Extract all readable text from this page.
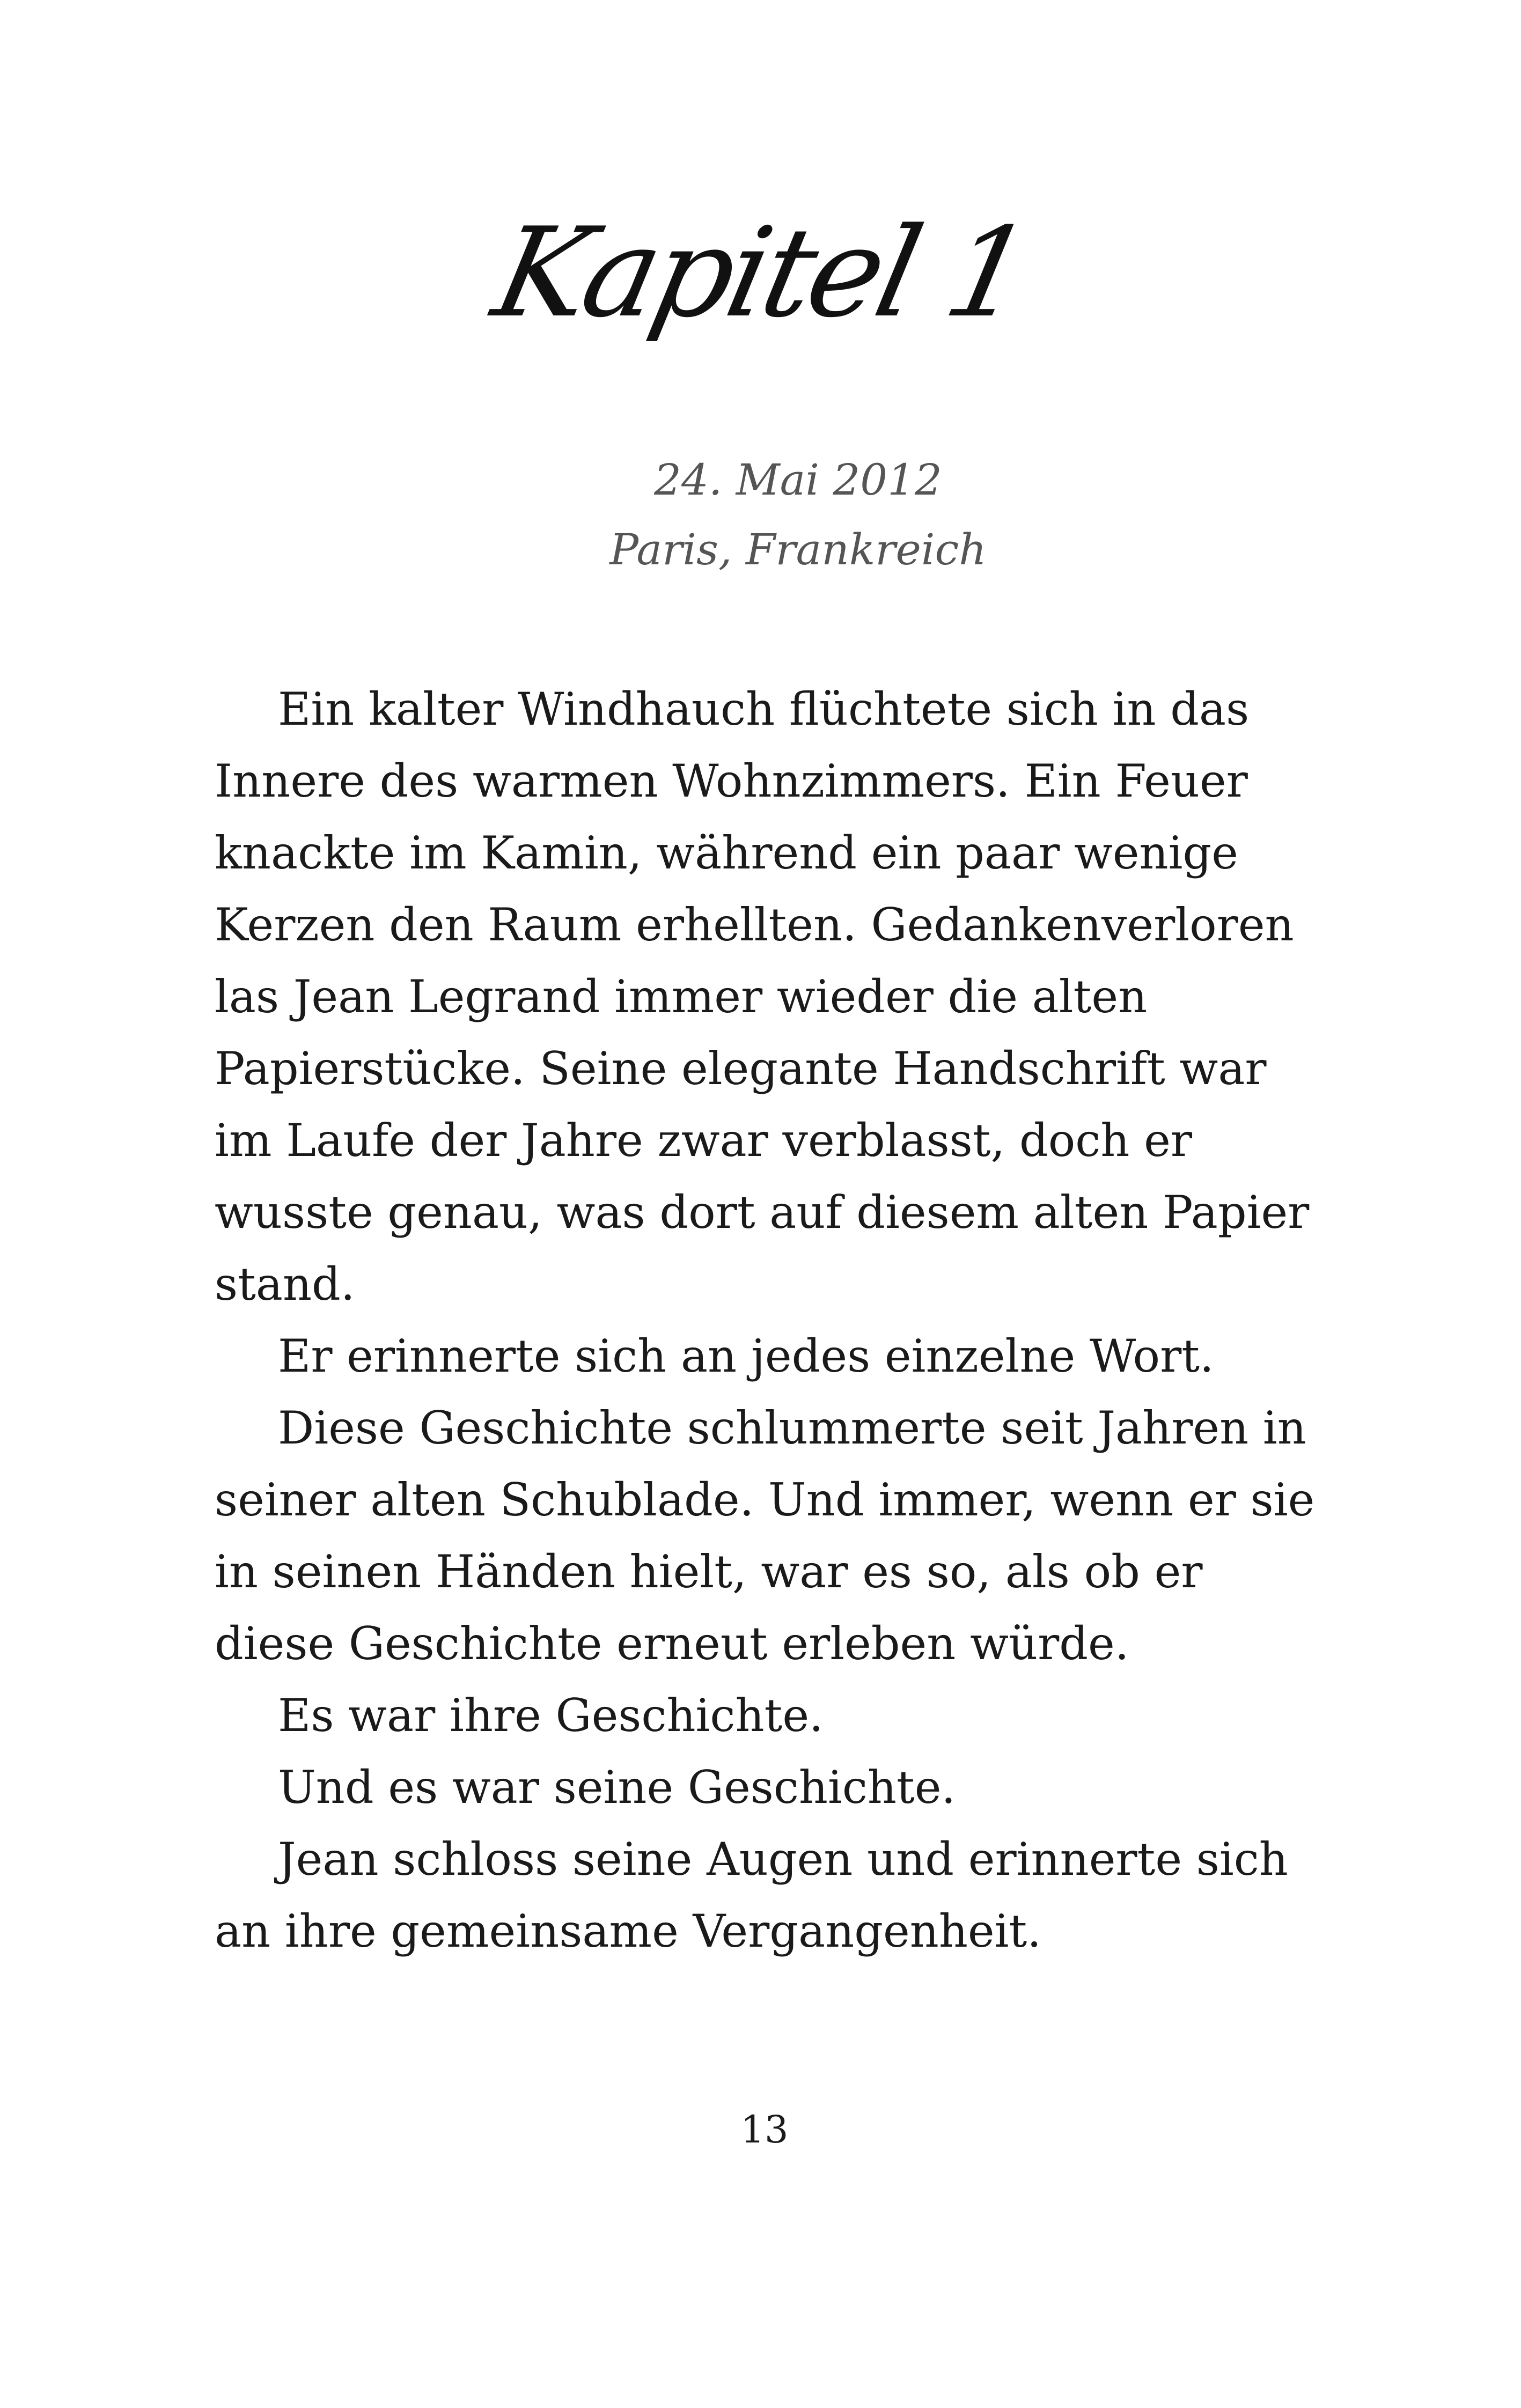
Kapitel 1
24. Mai 2012
Paris, Frankreich

Ein kalter Windhauch flüchtete sich in das Innere des warmen Wohnzimmers. Ein Feuer knackte im Kamin, während ein paar wenige Kerzen den Raum erhellten. Gedankenverloren las Jean Legrand immer wieder die alten Papierstücke. Seine elegante Handschrift war im Laufe der Jahre zwar verblasst, doch er wusste genau, was dort auf diesem alten Papier stand.

Er erinnerte sich an jedes einzelne Wort.

Diese Geschichte schlummerte seit Jahren in seiner alten Schublade. Und immer, wenn er sie in seinen Händen hielt, war es so, als ob er diese Geschichte erneut erleben würde.

Es war ihre Geschichte.

Und es war seine Geschichte.

Jean schloss seine Augen und erinnerte sich an ihre gemeinsame Vergangenheit.

13
